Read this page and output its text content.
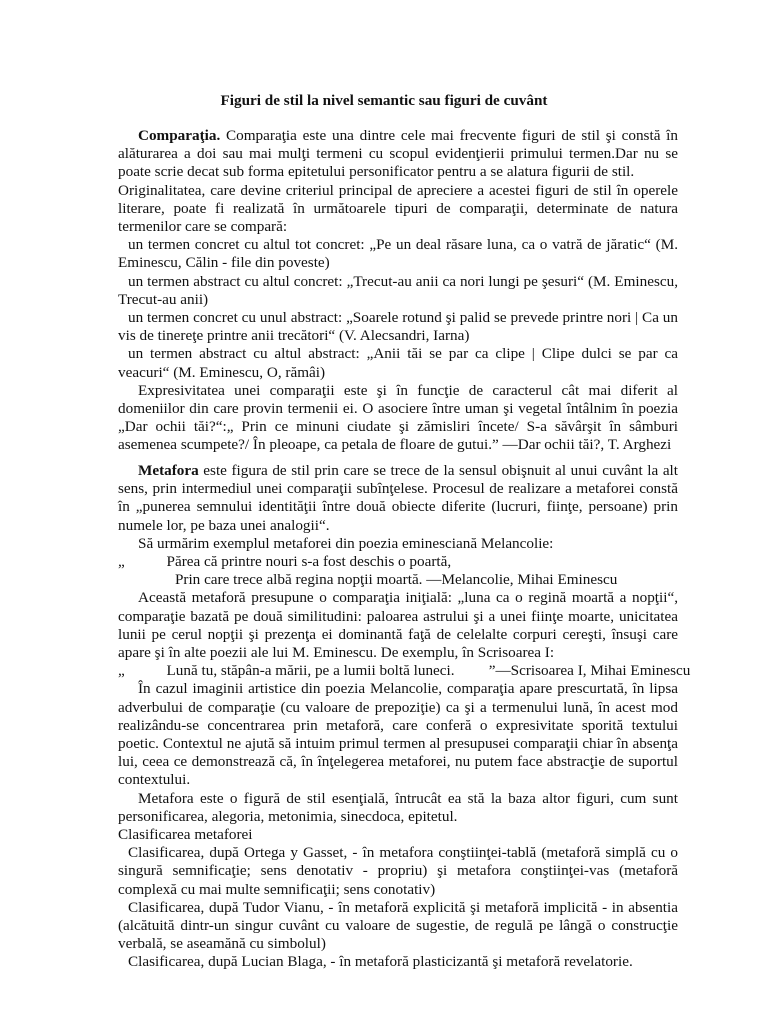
Figuri de stil la nivel semantic sau figuri de cuvânt

Comparaţia. Comparaţia este una dintre cele mai frecvente figuri de stil şi constă în alăturarea a doi sau mai mulţi termeni cu scopul evidenţierii primului termen.Dar nu se poate scrie decat sub forma epitetului personificator pentru a se alatura figurii de stil.

Originalitatea, care devine criteriul principal de apreciere a acestei figuri de stil în operele literare, poate fi realizată în următoarele tipuri de comparaţii, determinate de natura termenilor care se compară:

un termen concret cu altul tot concret: „Pe un deal răsare luna, ca o vatră de jăratic“ (M. Eminescu, Călin - file din poveste)

un termen abstract cu altul concret: „Trecut-au anii ca nori lungi pe şesuri“ (M. Eminescu, Trecut-au anii)

un termen concret cu unul abstract: „Soarele rotund şi palid se prevede printre nori | Ca un vis de tinereţe printre anii trecători“ (V. Alecsandri, Iarna)

un termen abstract cu altul abstract: „Anii tăi se par ca clipe | Clipe dulci se par ca veacuri“ (M. Eminescu, O, rămâi)

Expresivitatea unei comparaţii este şi în funcţie de caracterul cât mai diferit al domeniilor din care provin termenii ei. O asociere între uman şi vegetal întâlnim în poezia „Dar ochii tăi?“:„ Prin ce minuni ciudate şi zămisliri încete/ S-a săvârşit în sâmburi asemenea scumpete?/ În pleoape, ca petala de floare de gutui.” —Dar ochii tăi?, T. Arghezi

Metafora este figura de stil prin care se trece de la sensul obişnuit al unui cuvânt la alt sens, prin intermediul unei comparaţii subînţelese. Procesul de realizare a metaforei constă în „punerea semnului identităţii între două obiecte diferite (lucruri, fiinţe, persoane) prin numele lor, pe baza unei analogii“.

Să urmărim exemplul metaforei din poezia eminesciană Melancolie:

„           Părea că printre nouri s-a fost deschis o poartă,

Prin care trece albă regina nopţii moartă. —Melancolie, Mihai Eminescu

Această metaforă presupune o comparaţia iniţială: „luna ca o regină moartă a nopţii“, comparaţie bazată pe două similitudini: paloarea astrului şi a unei fiinţe moarte, unicitatea lunii pe cerul nopţii şi prezenţa ei dominantă faţă de celelalte corpuri cereşti, însuşi care apare şi în alte poezii ale lui M. Eminescu. De exemplu, în Scrisoarea I:

„           Lună tu, stăpân-a mării, pe a lumii boltă luneci.         ”—Scrisoarea I, Mihai Eminescu

În cazul imaginii artistice din poezia Melancolie, comparaţia apare prescurtată, în lipsa adverbului de comparaţie (cu valoare de prepoziţie) ca şi a termenului lună, în acest mod realizându-se concentrarea prin metaforă, care conferă o expresivitate sporită textului poetic. Contextul ne ajută să intuim primul termen al presupusei comparaţii chiar în absenţa lui, ceea ce demonstrează că, în înţelegerea metaforei, nu putem face abstracţie de suportul contextului.

Metafora este o figură de stil esenţială, întrucât ea stă la baza altor figuri, cum sunt personificarea, alegoria, metonimia, sinecdoca, epitetul.

Clasificarea metaforei

Clasificarea, după Ortega y Gasset, - în metafora conştiinţei-tablă (metaforă simplă cu o singură semnificaţie; sens denotativ - propriu) şi metafora conştiinţei-vas (metaforă complexă cu mai multe semnificaţii; sens conotativ)

Clasificarea, după Tudor Vianu, - în metaforă explicită şi metaforă implicită - in absentia (alcătuită dintr-un singur cuvânt cu valoare de sugestie, de regulă pe lângă o construcţie verbală, se aseamănă cu simbolul)

Clasificarea, după Lucian Blaga, - în metaforă plasticizantă şi metaforă revelatorie.
